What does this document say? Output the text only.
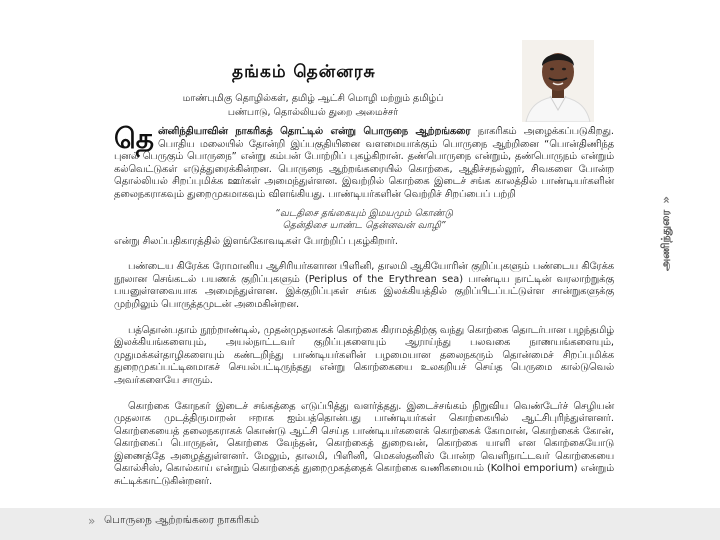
தங்கம் தென்னரசு
மாண்புமிகு தொழில்கள், தமிழ் ஆட்சி மொழி மற்றும் தமிழ்ப்
பண்பாடு, தொல்லியல் துறை அமைச்சர்

தென்னிந்தியாவின் நாகரிகத் தொட்டில் என்று பொருநை ஆற்றங்கரை நாகரிகம் அழைக்கப்படுகிறது. பொதிய மலையில் தோன்றி இப்பகுதியினை வளமையாக்கும் பொருநை ஆற்றினை “பொன்திணிந்த புனல் பெருகும் பொருநை” என்று கம்பன் போற்றிப் புகழ்கிறான். தண்பொருநை என்றும், தண்பொருநம் என்றும் கல்வெட்டுகள் எடுத்துரைக்கின்றன. பொருநை ஆற்றங்கரையில் கொற்கை, ஆதிச்சநல்லூர், சிவகளை போன்ற தொல்லியல் சிறப்புமிக்க ஊர்கள் அமைந்துள்ளன. இவற்றில் கொற்கை இடைச் சங்க காலத்தில் பாண்டியர்களின் தலைநகராகவும் துறைமுகமாகவும் விளங்கியது. பாண்டியர்களின் வெற்றிச் சிறப்பைப் பற்றி

“வடதிசை தங்கையும் இமயமும் கொண்டு
தென்திசை யாண்ட தென்னவன் வாழி”

என்று சிலப்பதிகாரத்தில் இளங்கோவடிகள் போற்றிப் புகழ்கிறார்.

பண்டைய கிரேக்க ரோமானிய ஆசிரியர்களான பிளினி, தாலமி ஆகியோரின் குறிப்புகளும் பண்டைய கிரேக்க நூலான செங்கடல் பயணக் குறிப்புகளும் (Periplus of the Erythrean sea) பாண்டிய நாட்டின் வரலாற்றுக்கு பயனுள்ளவையாக அமைந்துள்ளன. இக்குறிப்புகள் சங்க இலக்கியத்தில் குறிப்பிடப்பட்டுள்ள சான்றுகளுக்கு முற்றிலும் பொருத்தமுடன் அமைகின்றன.

பத்தொன்பதாம் நூற்றாண்டில், முதன்முதலாகக் கொற்கை கிராமத்திற்கு வந்து கொற்கை தொடர்பான பழந்தமிழ் இலக்கியங்களையும், அயல்நாட்டவர் குறிப்புகளையும் ஆராய்ந்து பலவகை நாணயங்களையும், முதுமக்கள்தாழிகளையும் கண்டறிந்து பாண்டியர்களின் பழமையான தலைநகரும் தொன்மைச் சிறப்புமிக்க துறைமுகப்பட்டினமாகச் செயல்பட்டிருந்தது என்று கொற்கையை உலகறியச் செய்த பெருமை கால்டுவெல் அவர்களையே சாரும்.

கொற்கை கோநகர் இடைச் சங்கத்தை எடுப்பித்து வளர்த்தது. இடைச்சங்கம் நிறுவிய வெண்டேர்ச் செழியன் முதலாக முடத்திருமாறன் ஈறாக ஐம்பத்தொன்பது பாண்டியர்கள் கொற்கையில் ஆட்சிபுரிந்துள்ளனர். கொற்கையைத் தலைநகராகக் கொண்டு ஆட்சி செய்த பாண்டியர்களைக் கொற்கைக் கோமான், கொற்கைக் கோன், கொற்கைப் பொருநன், கொற்கை வேந்தன், கொற்கைத் துறைவன், கொற்கை யாளி என கொற்கையோடு இணைத்தே அழைத்துள்ளனர். மேலும், தாலமி, பிளினி, மெகஸ்தனிஸ் போன்ற வெளிநாட்டவர் கொற்கையை கொல்சிஸ், கொல்காய் என்றும் கொற்கைத் துறைமுகத்தைக் கொற்கை வணிகமையம் (Kolhoi emporium) என்றும் சுட்டிக்காட்டுகின்றனர்.

அணிந்துரை
»
» பொருநை ஆற்றங்கரை நாகரிகம்
